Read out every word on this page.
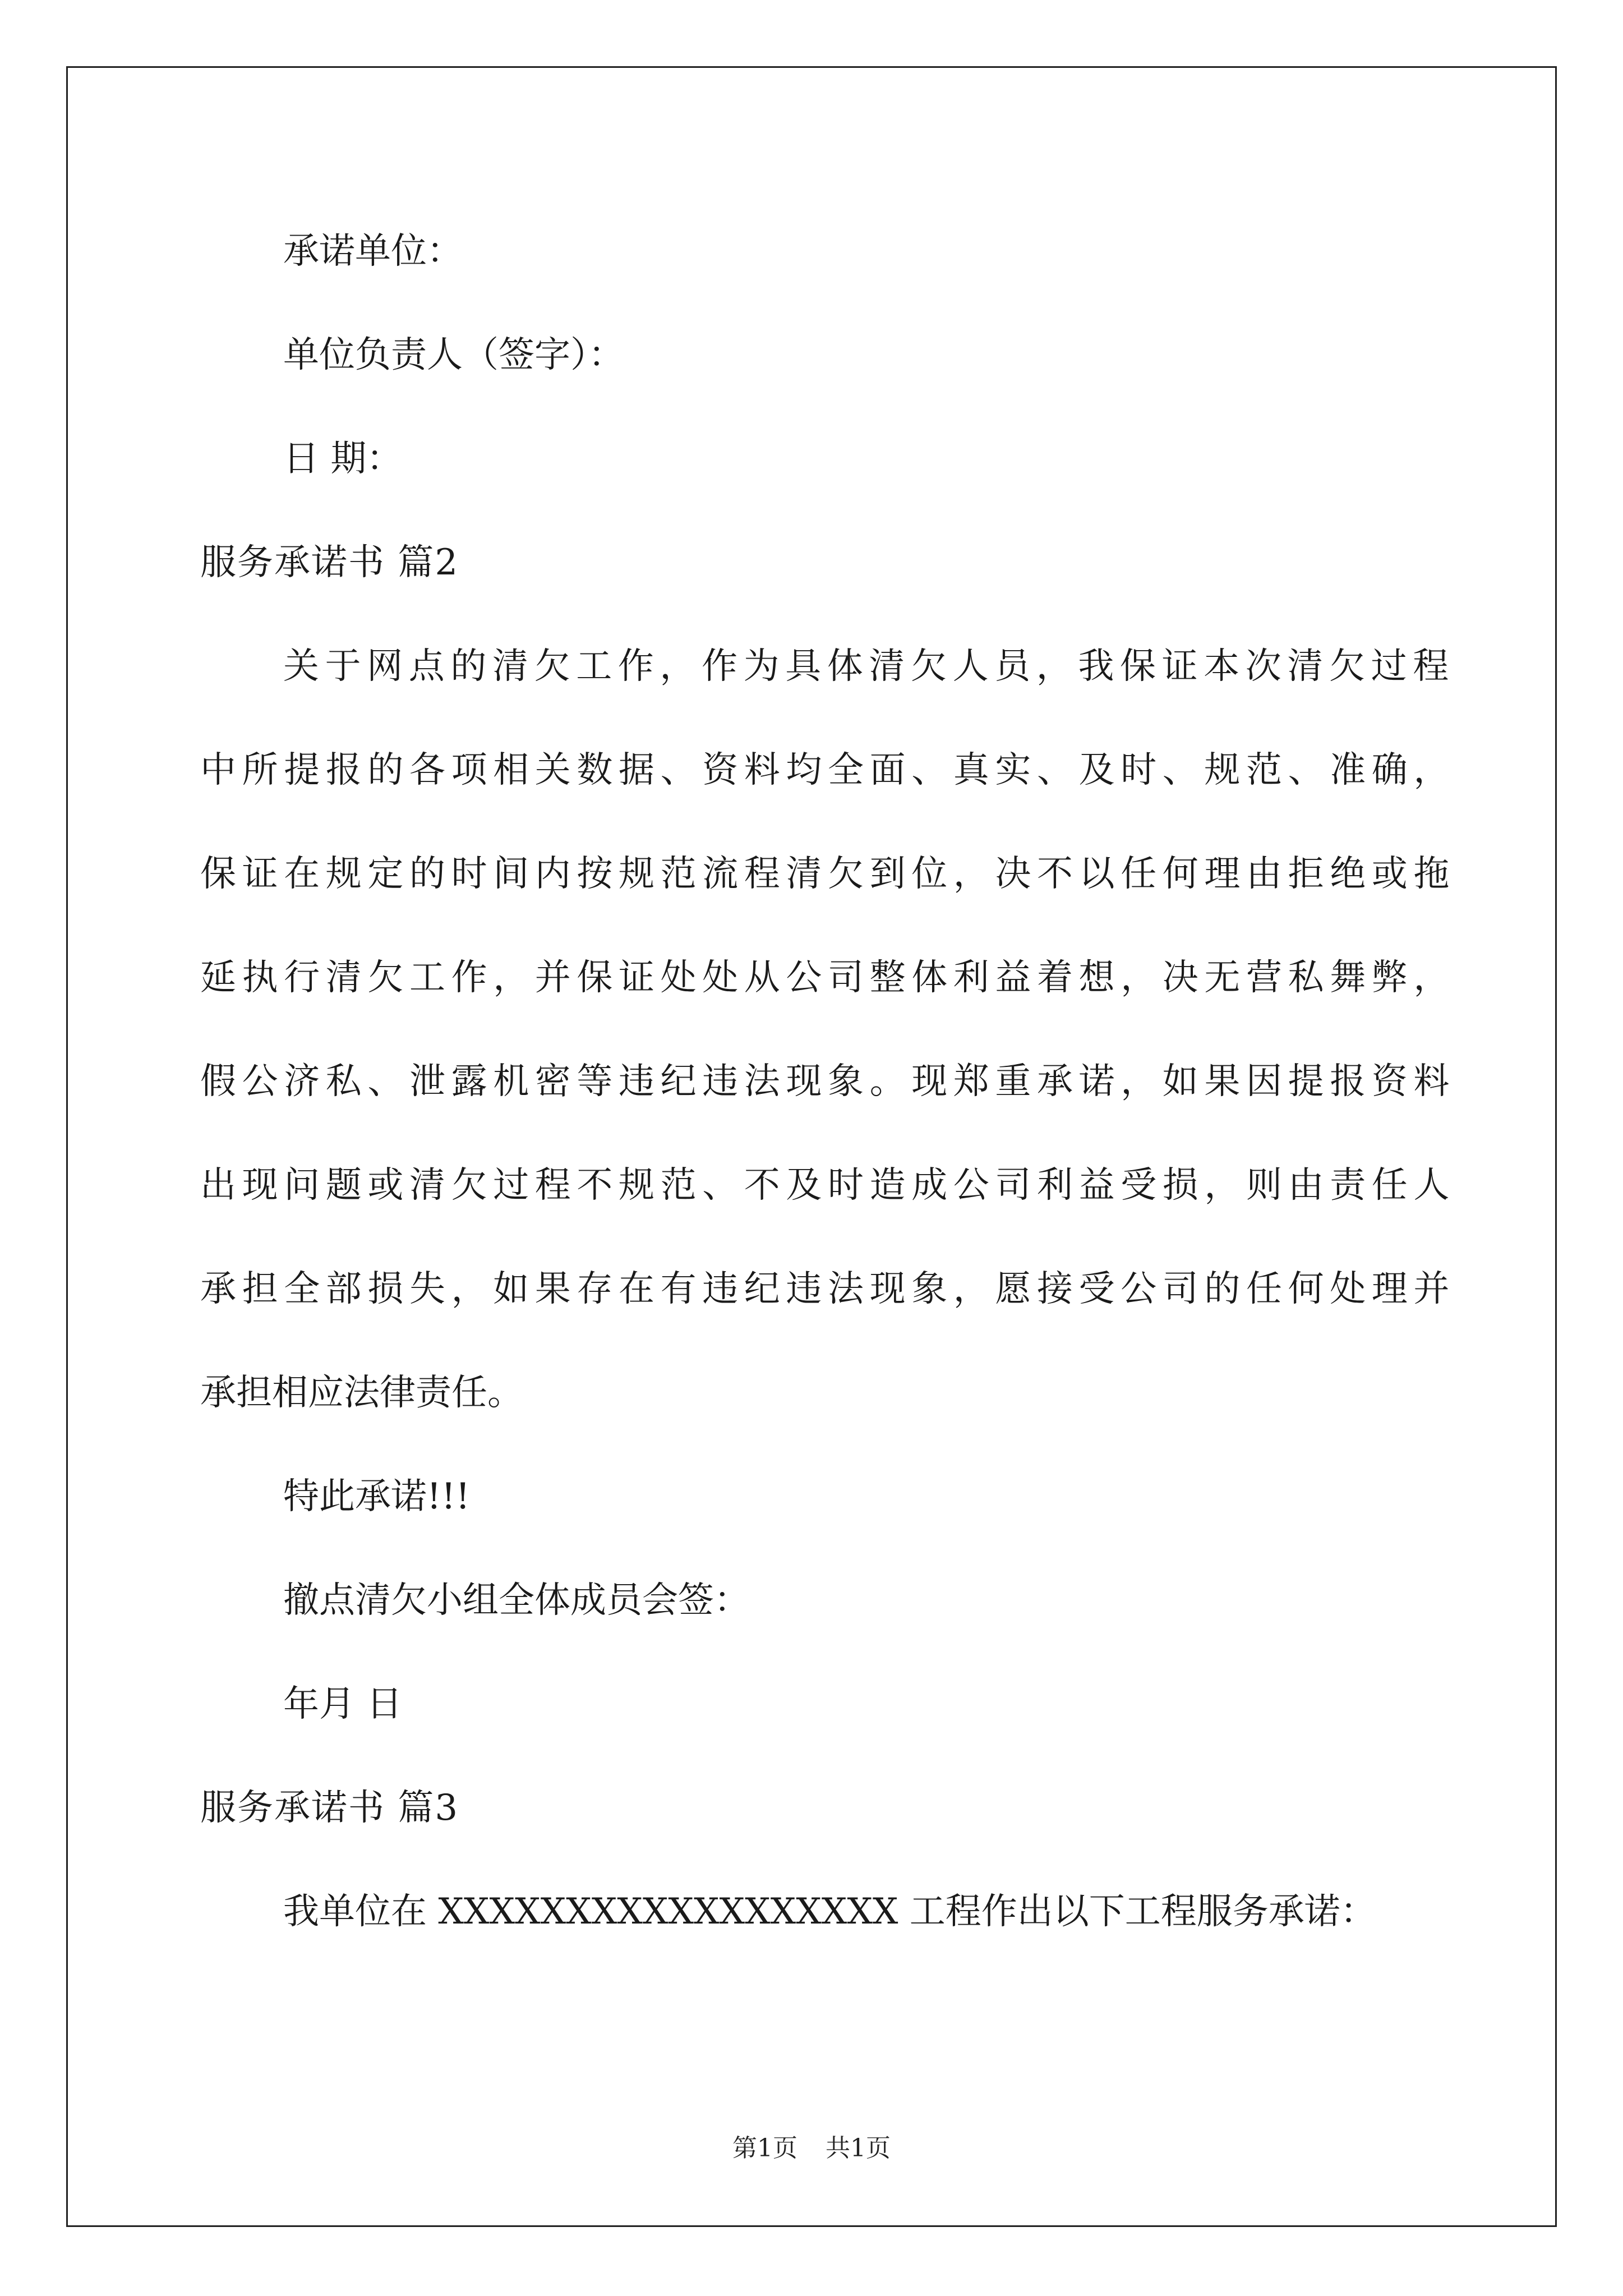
承诺单位：
单位负责人（签字）：
日 期：
服务承诺书 篇2
关于网点的清欠工作，作为具体清欠人员，我保证本次清欠过程
中所提报的各项相关数据、资料均全面、真实、及时、规范、准确，
保证在规定的时间内按规范流程清欠到位，决不以任何理由拒绝或拖
延执行清欠工作，并保证处处从公司整体利益着想，决无营私舞弊，
假公济私、泄露机密等违纪违法现象。现郑重承诺，如果因提报资料
出现问题或清欠过程不规范、不及时造成公司利益受损，则由责任人
承担全部损失，如果存在有违纪违法现象，愿接受公司的任何处理并
承担相应法律责任。
特此承诺!!!
撤点清欠小组全体成员会签：
年月 日
服务承诺书 篇3
我单位在 XXXXXXXXXXXXXXXXXX 工程作出以下工程服务承诺：
第1页 共1页
